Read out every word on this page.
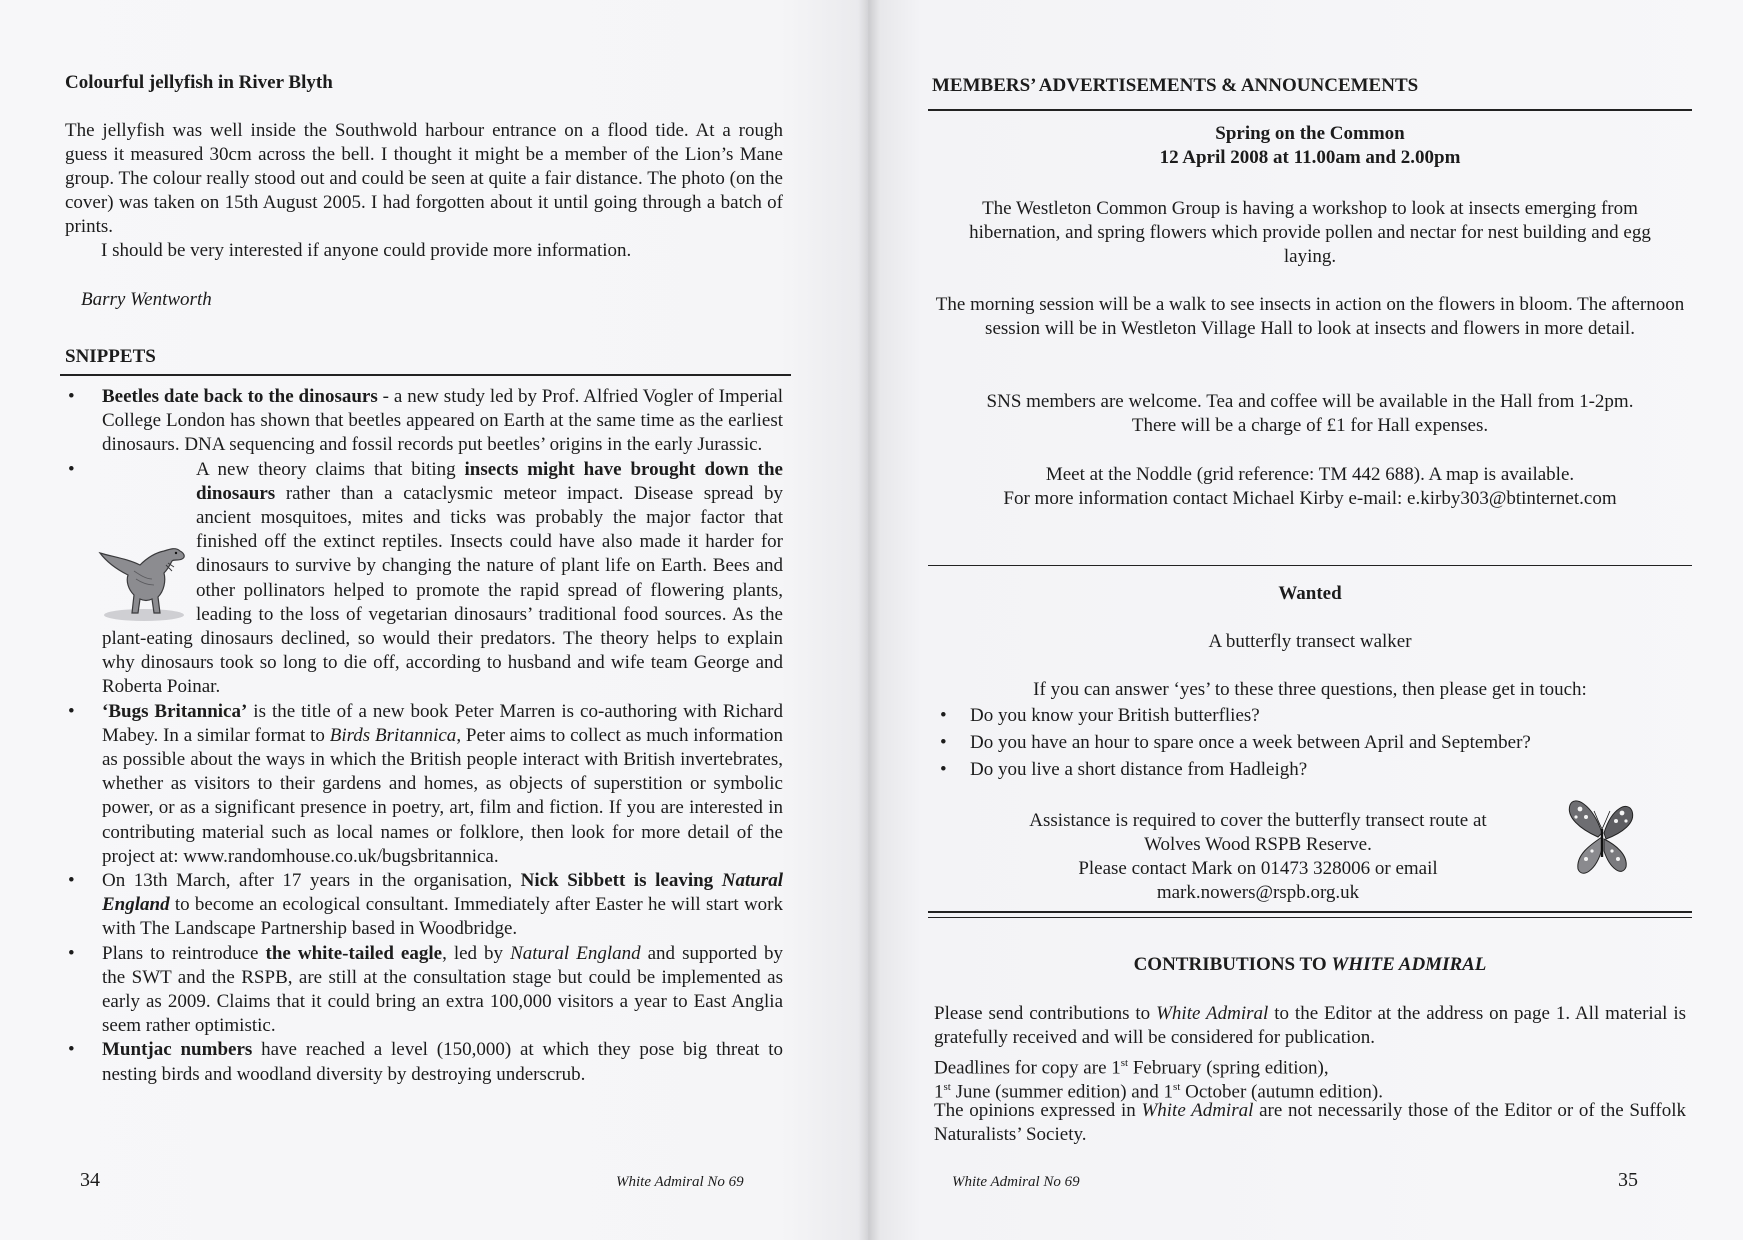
Colourful jellyfish in River Blyth
The jellyfish was well inside the Southwold harbour entrance on a flood tide. At a rough guess it measured 30cm across the bell. I thought it might be a member of the Lion’s Mane group. The colour really stood out and could be seen at quite a fair distance. The photo (on the cover) was taken on 15th August 2005. I had forgotten about it until going through a batch of prints.
I should be very interested if anyone could provide more information.
Barry Wentworth
SNIPPETS
• Beetles date back to the dinosaurs - a new study led by Prof. Alfried Vogler of Imperial College London has shown that beetles appeared on Earth at the same time as the earliest dinosaurs. DNA sequencing and fossil records put beetles’ origins in the early Jurassic.
•	A new theory claims that biting insects might have brought down the dinosaurs rather than a cataclysmic meteor impact. Disease spread by ancient mosquitoes, mites and ticks was probably the major factor that finished off the extinct reptiles. Insects could have also made it harder for dinosaurs to survive by changing the nature of plant life on Earth. Bees and other pollinators helped to promote the rapid spread of flowering plants, leading to the loss of vegetarian dinosaurs’ traditional food sources. As the plant-eating dinosaurs declined, so would their predators. The theory helps to explain why dinosaurs took so long to die off, according to husband and wife team George and Roberta Poinar.
• ‘Bugs Britannica’ is the title of a new book Peter Marren is co-authoring with Richard Mabey. In a similar format to Birds Britannica, Peter aims to collect as much information as possible about the ways in which the British people interact with British invertebrates, whether as visitors to their gardens and homes, as objects of superstition or symbolic power, or as a significant presence in poetry, art, film and fiction. If you are interested in contributing material such as local names or folklore, then look for more detail of the project at: www.randomhouse.co.uk/bugsbritannica.
• On 13th March, after 17 years in the organisation, Nick Sibbett is leaving Natural England to become an ecological consultant. Immediately after Easter he will start work with The Landscape Partnership based in Woodbridge.
• Plans to reintroduce the white-tailed eagle, led by Natural England and supported by the SWT and the RSPB, are still at the consultation stage but could be implemented as early as 2009. Claims that it could bring an extra 100,000 visitors a year to East Anglia seem rather optimistic.
• Muntjac numbers have reached a level (150,000) at which they pose big threat to nesting birds and woodland diversity by destroying underscrub.
34	White Admiral No 69
MEMBERS’ ADVERTISEMENTS & ANNOUNCEMENTS
Spring on the Common
12 April 2008 at 11.00am and 2.00pm
The Westleton Common Group is having a workshop to look at insects emerging from hibernation, and spring flowers which provide pollen and nectar for nest building and egg laying.
The morning session will be a walk to see insects in action on the flowers in bloom. The afternoon session will be in Westleton Village Hall to look at insects and flowers in more detail.
SNS members are welcome. Tea and coffee will be available in the Hall from 1-2pm.
There will be a charge of £1 for Hall expenses.
Meet at the Noddle (grid reference: TM 442 688). A map is available.
For more information contact Michael Kirby e-mail: e.kirby303@btinternet.com
Wanted
A butterfly transect walker
If you can answer ‘yes’ to these three questions, then please get in touch:
• Do you know your British butterflies?
• Do you have an hour to spare once a week between April and September?
• Do you live a short distance from Hadleigh?
Assistance is required to cover the butterfly transect route at
Wolves Wood RSPB Reserve.
Please contact Mark on 01473 328006 or email
mark.nowers@rspb.org.uk
CONTRIBUTIONS TO WHITE ADMIRAL
Please send contributions to White Admiral to the Editor at the address on page 1. All material is gratefully received and will be considered for publication.
Deadlines for copy are 1st February (spring edition),
1st June (summer edition) and 1st October (autumn edition).
The opinions expressed in White Admiral are not necessarily those of the Editor or of the Suffolk Naturalists’ Society.
White Admiral No 69	35
